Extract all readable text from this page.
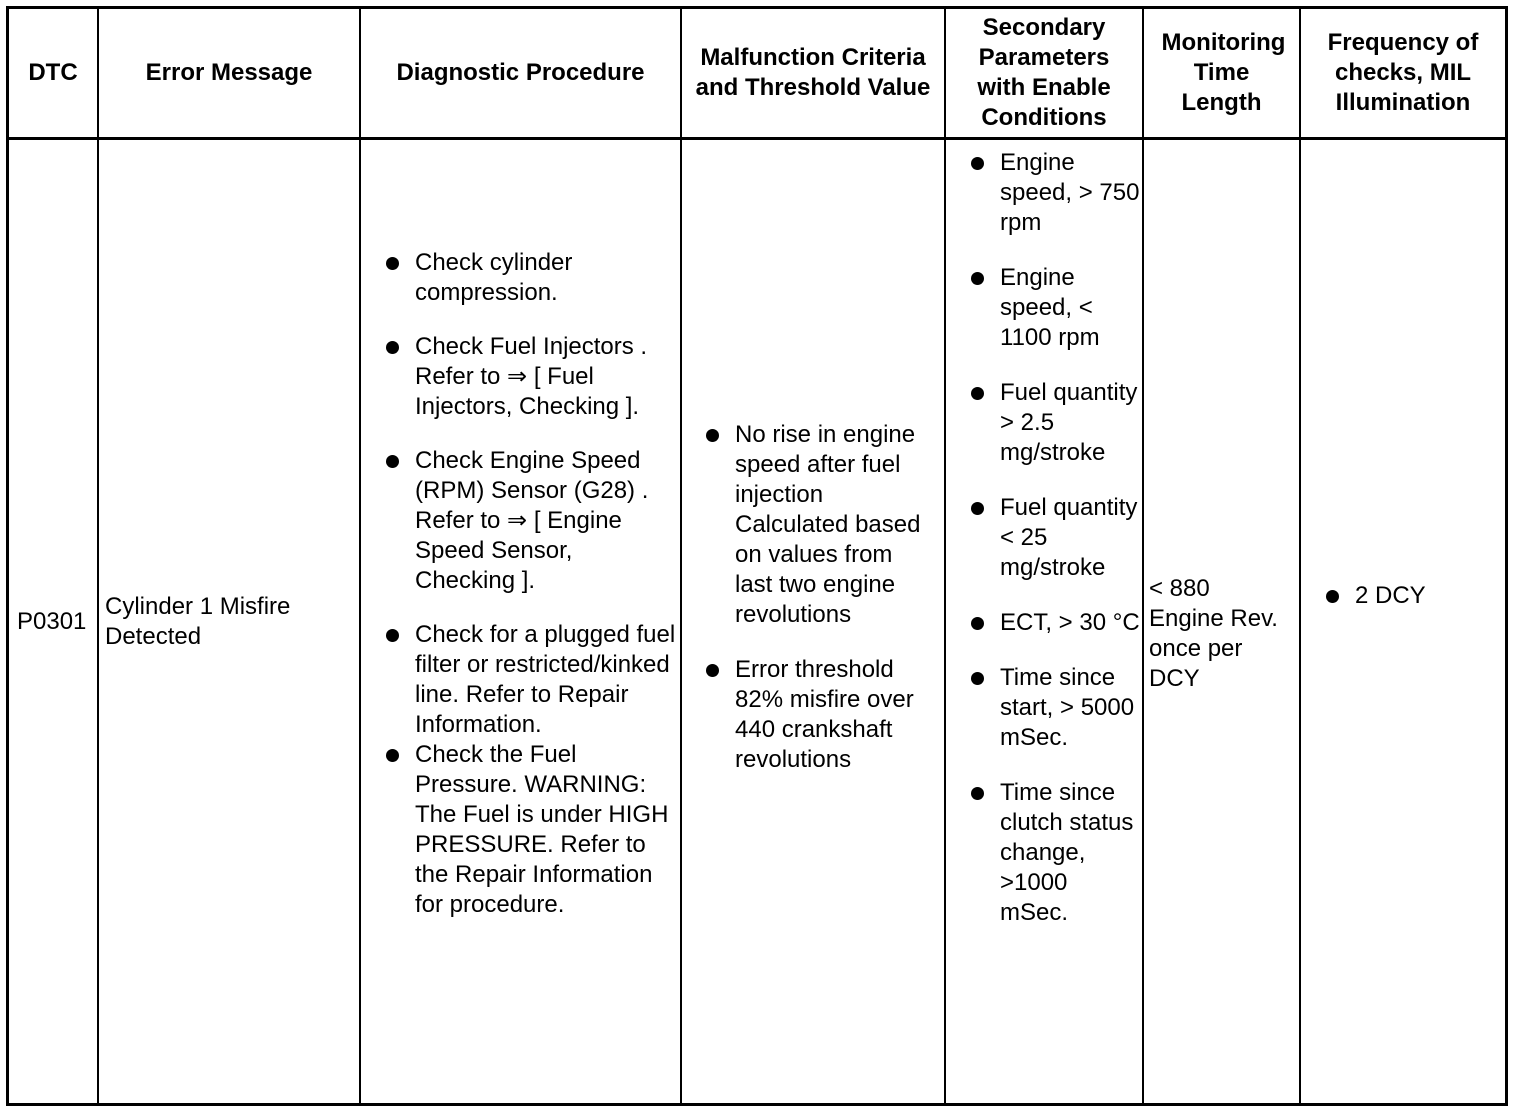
DTC	Error Message	Diagnostic Procedure
Malfunction Criteria and Threshold Value
Secondary Parameters with Enable Conditions
Monitoring Time Length
Frequency of checks, MIL Illumination
P0301
Cylinder 1 Misfire Detected
Check cylinder compression.
Check Fuel Injectors . Refer to ⇒ [ Fuel Injectors, Checking ].
Check Engine Speed (RPM) Sensor (G28) . Refer to ⇒ [ Engine Speed Sensor, Checking ].
Check for a plugged fuel filter or restricted/kinked line. Refer to Repair Information.
Check the Fuel Pressure. WARNING: The Fuel is under HIGH PRESSURE. Refer to the Repair Information for procedure.
No rise in engine speed after fuel injection Calculated based on values from last two engine revolutions
Error threshold 82% misfire over 440 crankshaft revolutions
Engine speed, > 750 rpm
Engine speed, < 1100 rpm
Fuel quantity > 2.5 mg/stroke
Fuel quantity < 25 mg/stroke
ECT, > 30 °C
Time since start, > 5000 mSec.
Time since clutch status change, >1000 mSec.
< 880 Engine Rev. once per DCY
2 DCY
